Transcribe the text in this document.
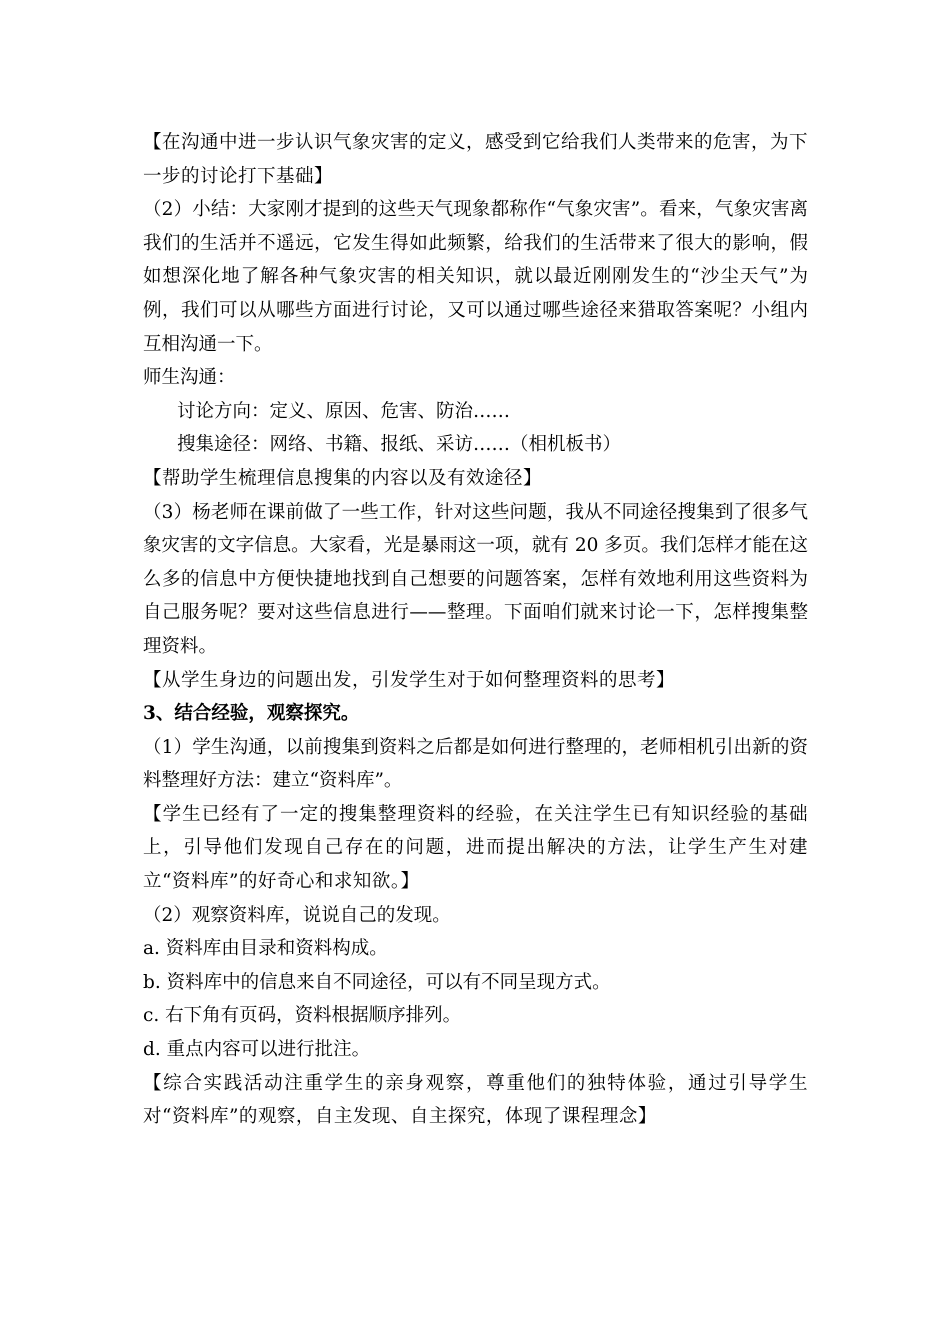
【在沟通中进一步认识气象灾害的定义，感受到它给我们人类带来的危害，为下一步的讨论打下基础】

（2）小结：大家刚才提到的这些天气现象都称作“气象灾害”。看来，气象灾害离我们的生活并不遥远，它发生得如此频繁，给我们的生活带来了很大的影响，假如想深化地了解各种气象灾害的相关知识，就以最近刚刚发生的“沙尘天气”为例，我们可以从哪些方面进行讨论，又可以通过哪些途径来猎取答案呢？小组内互相沟通一下。

师生沟通：

讨论方向：定义、原因、危害、防治……

搜集途径：网络、书籍、报纸、采访……（相机板书）

【帮助学生梳理信息搜集的内容以及有效途径】

（3）杨老师在课前做了一些工作，针对这些问题，我从不同途径搜集到了很多气象灾害的文字信息。大家看，光是暴雨这一项，就有 20 多页。我们怎样才能在这么多的信息中方便快捷地找到自己想要的问题答案，怎样有效地利用这些资料为自己服务呢？要对这些信息进行——整理。下面咱们就来讨论一下，怎样搜集整理资料。

【从学生身边的问题出发，引发学生对于如何整理资料的思考】

3、结合经验，观察探究。

（1）学生沟通，以前搜集到资料之后都是如何进行整理的，老师相机引出新的资料整理好方法：建立“资料库”。

【学生已经有了一定的搜集整理资料的经验，在关注学生已有知识经验的基础上，引导他们发现自己存在的问题，进而提出解决的方法，让学生产生对建立“资料库”的好奇心和求知欲。】

（2）观察资料库，说说自己的发现。

a. 资料库由目录和资料构成。

b. 资料库中的信息来自不同途径，可以有不同呈现方式。

c. 右下角有页码，资料根据顺序排列。

d. 重点内容可以进行批注。

【综合实践活动注重学生的亲身观察，尊重他们的独特体验，通过引导学生对“资料库”的观察，自主发现、自主探究，体现了课程理念】
